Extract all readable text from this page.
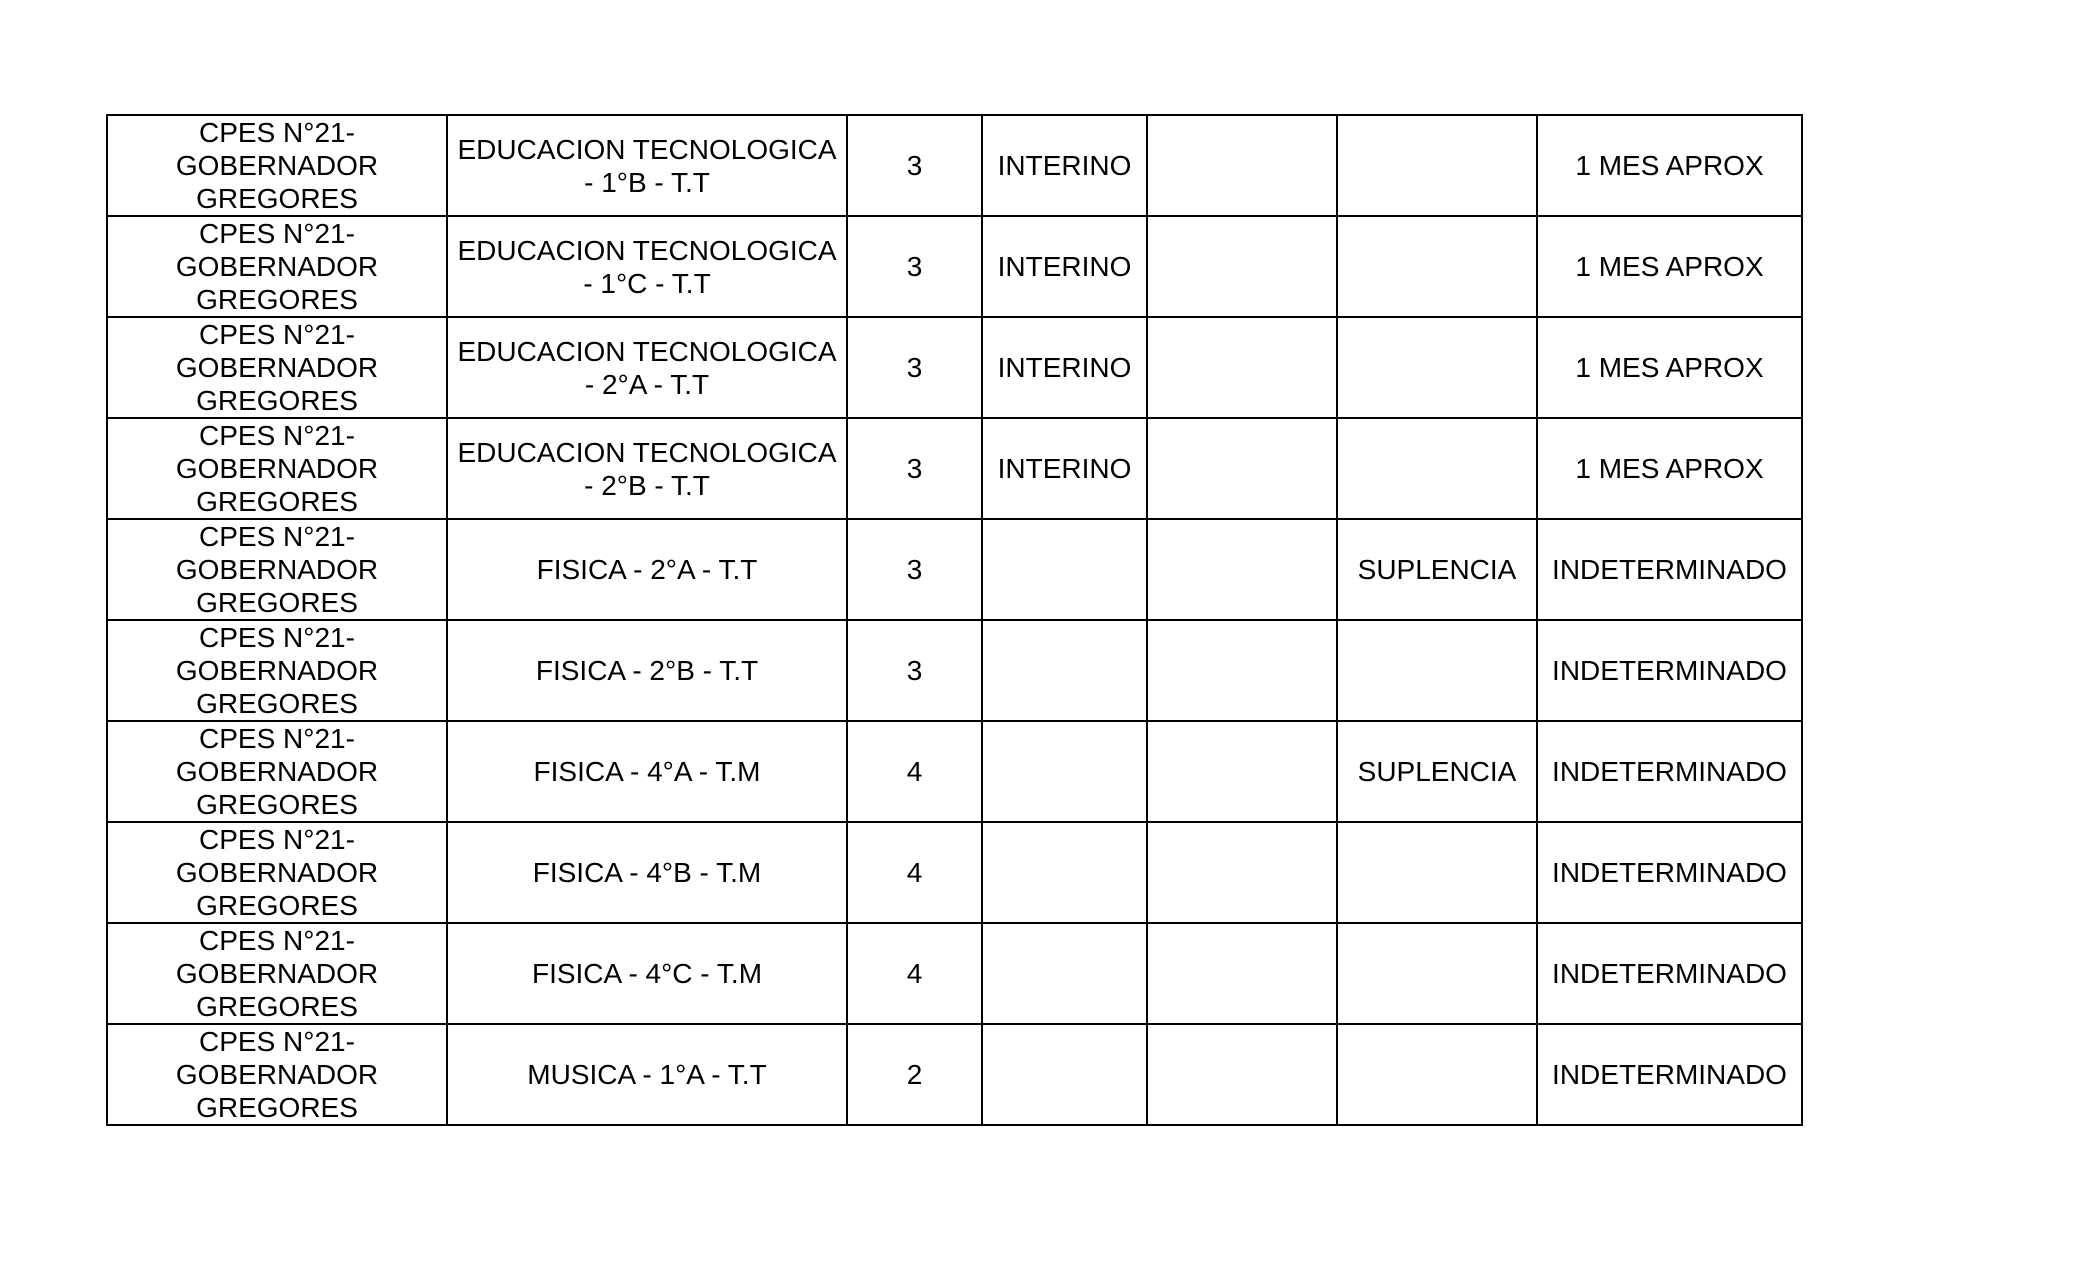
CPES N°21-
GOBERNADOR
GREGORES	EDUCACION TECNOLOGICA - 1°B - T.T	3	INTERINO			1 MES APROX

CPES N°21-
GOBERNADOR
GREGORES	EDUCACION TECNOLOGICA - 1°C - T.T	3	INTERINO			1 MES APROX

CPES N°21-
GOBERNADOR
GREGORES	EDUCACION TECNOLOGICA - 2°A - T.T	3	INTERINO			1 MES APROX

CPES N°21-
GOBERNADOR
GREGORES	EDUCACION TECNOLOGICA - 2°B - T.T	3	INTERINO			1 MES APROX

CPES N°21-
GOBERNADOR
GREGORES	FISICA - 2°A - T.T	3			SUPLENCIA	INDETERMINADO

CPES N°21-
GOBERNADOR
GREGORES	FISICA - 2°B - T.T	3				INDETERMINADO

CPES N°21-
GOBERNADOR
GREGORES	FISICA - 4°A - T.M	4			SUPLENCIA	INDETERMINADO

CPES N°21-
GOBERNADOR
GREGORES	FISICA - 4°B - T.M	4				INDETERMINADO

CPES N°21-
GOBERNADOR
GREGORES	FISICA - 4°C - T.M	4				INDETERMINADO

CPES N°21-
GOBERNADOR
GREGORES	MUSICA - 1°A - T.T	2				INDETERMINADO
